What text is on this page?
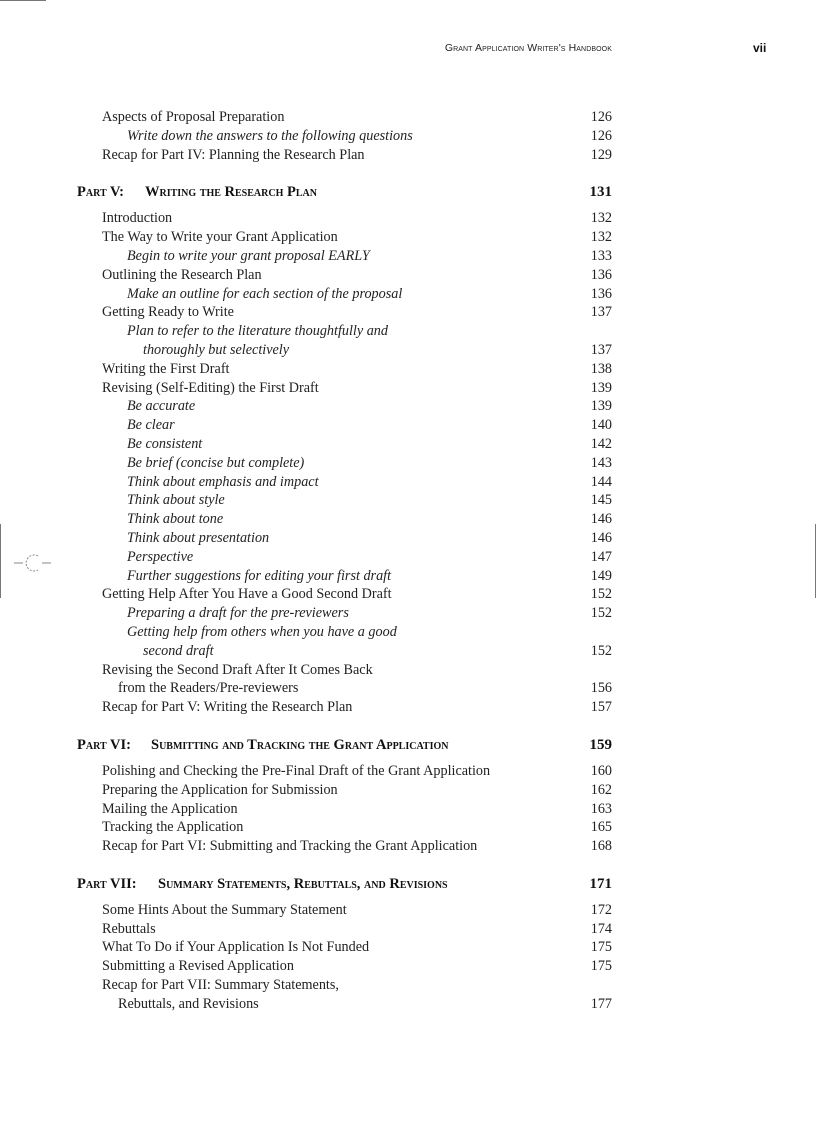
Grant Application Writer's Handbook	vii
Aspects of Proposal Preparation	126
Write down the answers to the following questions	126
Recap for Part IV: Planning the Research Plan	129
Part V: Writing the Research Plan	131
Introduction	132
The Way to Write your Grant Application	132
Begin to write your grant proposal EARLY	133
Outlining the Research Plan	136
Make an outline for each section of the proposal	136
Getting Ready to Write	137
Plan to refer to the literature thoughtfully and
thoroughly but selectively	137
Writing the First Draft	138
Revising (Self-Editing) the First Draft	139
Be accurate	139
Be clear	140
Be consistent	142
Be brief (concise but complete)	143
Think about emphasis and impact	144
Think about style	145
Think about tone	146
Think about presentation	146
Perspective	147
Further suggestions for editing your first draft	149
Getting Help After You Have a Good Second Draft	152
Preparing a draft for the pre-reviewers	152
Getting help from others when you have a good
second draft	152
Revising the Second Draft After It Comes Back
from the Readers/Pre-reviewers	156
Recap for Part V: Writing the Research Plan	157
Part VI: Submitting and Tracking the Grant Application	159
Polishing and Checking the Pre-Final Draft of the Grant Application	160
Preparing the Application for Submission	162
Mailing the Application	163
Tracking the Application	165
Recap for Part VI: Submitting and Tracking the Grant Application	168
Part VII: Summary Statements, Rebuttals, and Revisions	171
Some Hints About the Summary Statement	172
Rebuttals	174
What To Do if Your Application Is Not Funded	175
Submitting a Revised Application	175
Recap for Part VII: Summary Statements,
Rebuttals, and Revisions	177
